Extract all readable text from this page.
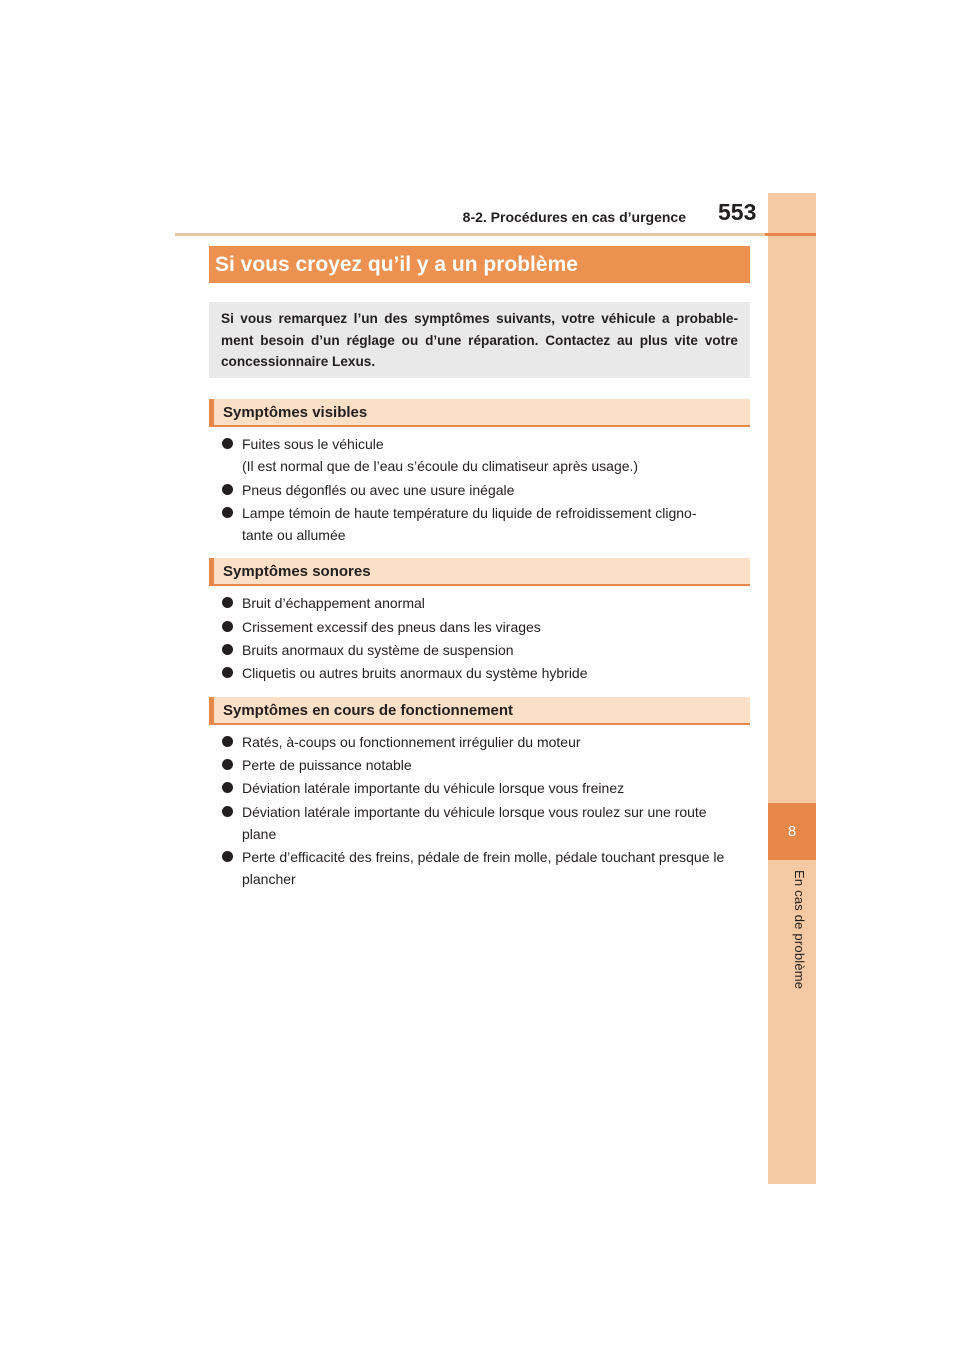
8
En cas de problème
8-2. Procédures en cas d’urgence 553
Si vous croyez qu’il y a un problème
Si vous remarquez l’un des symptômes suivants, votre véhicule a probable-ment besoin d’un réglage ou d’une réparation. Contactez au plus vite votre concessionnaire Lexus.
Symptômes visibles
Fuites sous le véhicule
(Il est normal que de l’eau s’écoule du climatiseur après usage.)
Pneus dégonflés ou avec une usure inégale
Lampe témoin de haute température du liquide de refroidissement cligno-
tante ou allumée
Symptômes sonores
Bruit d’échappement anormal
Crissement excessif des pneus dans les virages
Bruits anormaux du système de suspension
Cliquetis ou autres bruits anormaux du système hybride
Symptômes en cours de fonctionnement
Ratés, à-coups ou fonctionnement irrégulier du moteur
Perte de puissance notable
Déviation latérale importante du véhicule lorsque vous freinez
Déviation latérale importante du véhicule lorsque vous roulez sur une route
plane
Perte d’efficacité des freins, pédale de frein molle, pédale touchant presque le
plancher
